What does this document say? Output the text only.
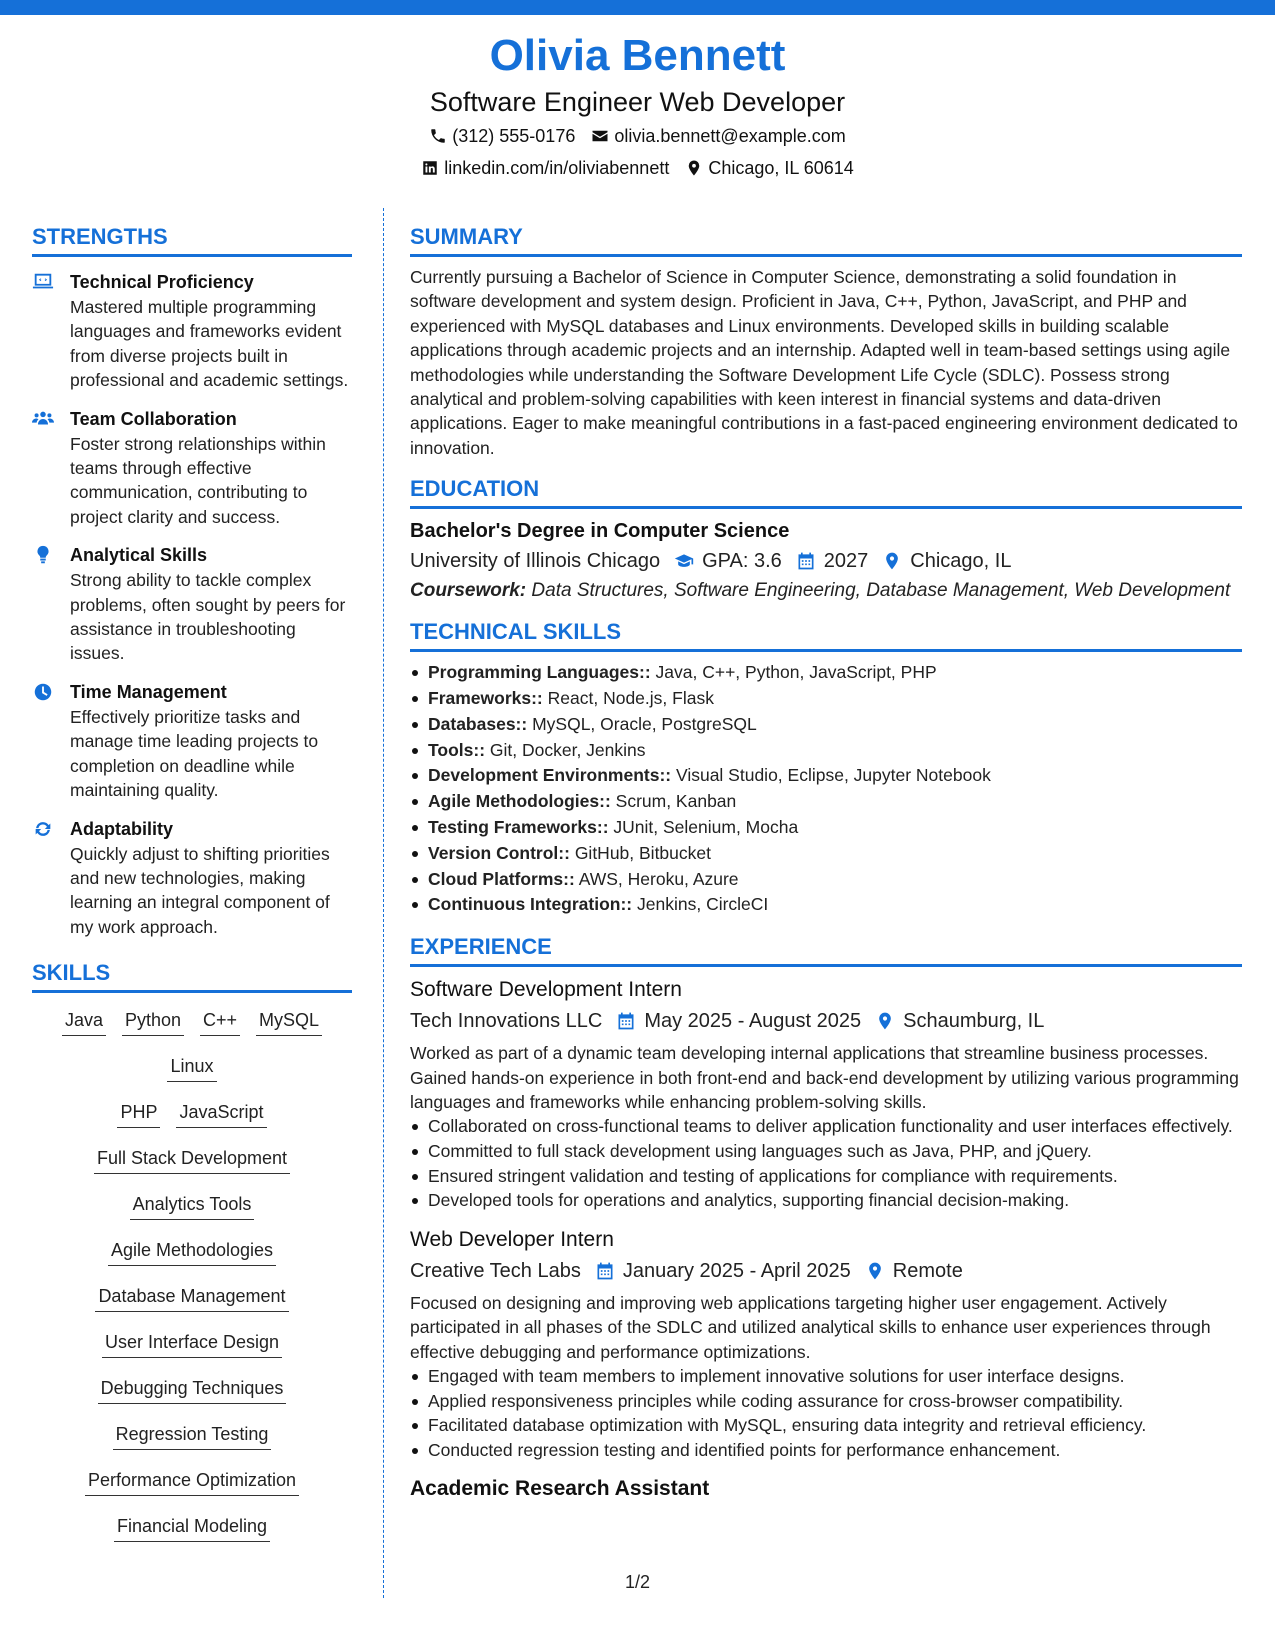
Olivia Bennett
Software Engineer Web Developer
(312) 555-0176 olivia.bennett@example.com
linkedin.com/in/oliviabennett Chicago, IL 60614
STRENGTHS
Technical Proficiency
Mastered multiple programming languages and frameworks evident from diverse projects built in professional and academic settings.
Team Collaboration
Foster strong relationships within teams through effective communication, contributing to project clarity and success.
Analytical Skills
Strong ability to tackle complex problems, often sought by peers for assistance in troubleshooting issues.
Time Management
Effectively prioritize tasks and manage time leading projects to completion on deadline while maintaining quality.
Adaptability
Quickly adjust to shifting priorities and new technologies, making learning an integral component of my work approach.
SKILLS
Java Python C++ MySQL
Linux
PHP JavaScript
Full Stack Development
Analytics Tools
Agile Methodologies
Database Management
User Interface Design
Debugging Techniques
Regression Testing
Performance Optimization
Financial Modeling
SUMMARY
Currently pursuing a Bachelor of Science in Computer Science, demonstrating a solid foundation in software development and system design. Proficient in Java, C++, Python, JavaScript, and PHP and experienced with MySQL databases and Linux environments. Developed skills in building scalable applications through academic projects and an internship. Adapted well in team-based settings using agile methodologies while understanding the Software Development Life Cycle (SDLC). Possess strong analytical and problem-solving capabilities with keen interest in financial systems and data-driven applications. Eager to make meaningful contributions in a fast-paced engineering environment dedicated to innovation.
EDUCATION
Bachelor's Degree in Computer Science
University of Illinois Chicago GPA: 3.6 2027 Chicago, IL
Coursework: Data Structures, Software Engineering, Database Management, Web Development
TECHNICAL SKILLS
Programming Languages:: Java, C++, Python, JavaScript, PHP
Frameworks:: React, Node.js, Flask
Databases:: MySQL, Oracle, PostgreSQL
Tools:: Git, Docker, Jenkins
Development Environments:: Visual Studio, Eclipse, Jupyter Notebook
Agile Methodologies:: Scrum, Kanban
Testing Frameworks:: JUnit, Selenium, Mocha
Version Control:: GitHub, Bitbucket
Cloud Platforms:: AWS, Heroku, Azure
Continuous Integration:: Jenkins, CircleCI
EXPERIENCE
Software Development Intern
Tech Innovations LLC May 2025 - August 2025 Schaumburg, IL
Worked as part of a dynamic team developing internal applications that streamline business processes. Gained hands-on experience in both front-end and back-end development by utilizing various programming languages and frameworks while enhancing problem-solving skills.
Collaborated on cross-functional teams to deliver application functionality and user interfaces effectively.
Committed to full stack development using languages such as Java, PHP, and jQuery.
Ensured stringent validation and testing of applications for compliance with requirements.
Developed tools for operations and analytics, supporting financial decision-making.
Web Developer Intern
Creative Tech Labs January 2025 - April 2025 Remote
Focused on designing and improving web applications targeting higher user engagement. Actively participated in all phases of the SDLC and utilized analytical skills to enhance user experiences through effective debugging and performance optimizations.
Engaged with team members to implement innovative solutions for user interface designs.
Applied responsiveness principles while coding assurance for cross-browser compatibility.
Facilitated database optimization with MySQL, ensuring data integrity and retrieval efficiency.
Conducted regression testing and identified points for performance enhancement.
Academic Research Assistant
1/2
